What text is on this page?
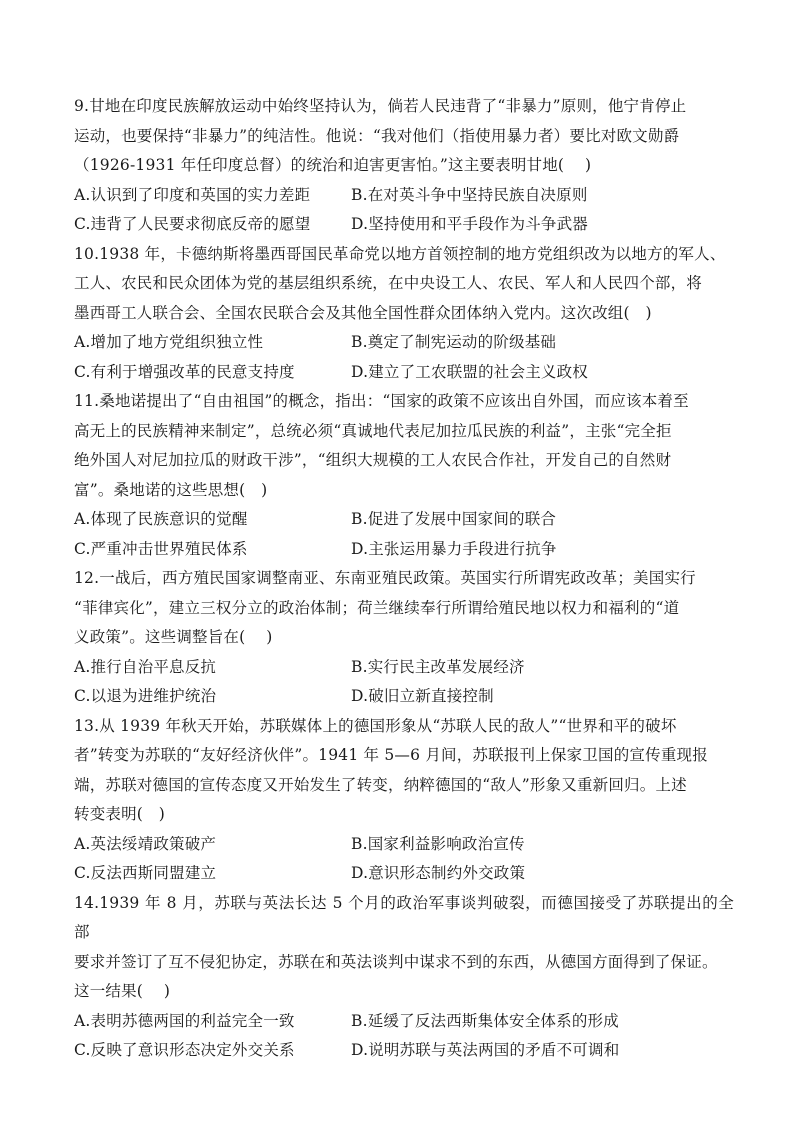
9.甘地在印度民族解放运动中始终坚持认为，倘若人民违背了“非暴力”原则，他宁肯停止
运动，也要保持“非暴力”的纯洁性。他说：“我对他们（指使用暴力者）要比对欧文勋爵
（1926-1931 年任印度总督）的统治和迫害更害怕。”这主要表明甘地(　 )

A.认识到了印度和英国的实力差距	B.在对英斗争中坚持民族自决原则
C.违背了人民要求彻底反帝的愿望	D.坚持使用和平手段作为斗争武器

10.1938 年，卡德纳斯将墨西哥国民革命党以地方首领控制的地方党组织改为以地方的军人、
工人、农民和民众团体为党的基层组织系统，在中央设工人、农民、军人和人民四个部，将
墨西哥工人联合会、全国农民联合会及其他全国性群众团体纳入党内。这次改组(　)

A.增加了地方党组织独立性	B.奠定了制宪运动的阶级基础
C.有利于增强改革的民意支持度	D.建立了工农联盟的社会主义政权

11.桑地诺提出了“自由祖国”的概念，指出：“国家的政策不应该出自外国，而应该本着至
高无上的民族精神来制定”，总统必须“真诚地代表尼加拉瓜民族的利益”，主张“完全拒
绝外国人对尼加拉瓜的财政干涉”，“组织大规模的工人农民合作社，开发自己的自然财
富”。桑地诺的这些思想(　)

A.体现了民族意识的觉醒	B.促进了发展中国家间的联合
C.严重冲击世界殖民体系	D.主张运用暴力手段进行抗争

12.一战后，西方殖民国家调整南亚、东南亚殖民政策。英国实行所谓宪政改革；美国实行
“菲律宾化”，建立三权分立的政治体制；荷兰继续奉行所谓给殖民地以权力和福利的“道
义政策”。这些调整旨在(　 )

A.推行自治平息反抗	B.实行民主改革发展经济
C.以退为进维护统治	D.破旧立新直接控制

13.从 1939 年秋天开始，苏联媒体上的德国形象从“苏联人民的敌人”“世界和平的破坏
者”转变为苏联的“友好经济伙伴”。1941 年 5—6 月间，苏联报刊上保家卫国的宣传重现报
端，苏联对德国的宣传态度又开始发生了转变，纳粹德国的“敌人”形象又重新回归。上述
转变表明(　)

A.英法绥靖政策破产	B.国家利益影响政治宣传
C.反法西斯同盟建立	D.意识形态制约外交政策

14.1939 年 8 月，苏联与英法长达 5 个月的政治军事谈判破裂，而德国接受了苏联提出的全部
要求并签订了互不侵犯协定，苏联在和英法谈判中谋求不到的东西，从德国方面得到了保证。
这一结果(　 )

A.表明苏德两国的利益完全一致	B.延缓了反法西斯集体安全体系的形成
C.反映了意识形态决定外交关系	D.说明苏联与英法两国的矛盾不可调和
